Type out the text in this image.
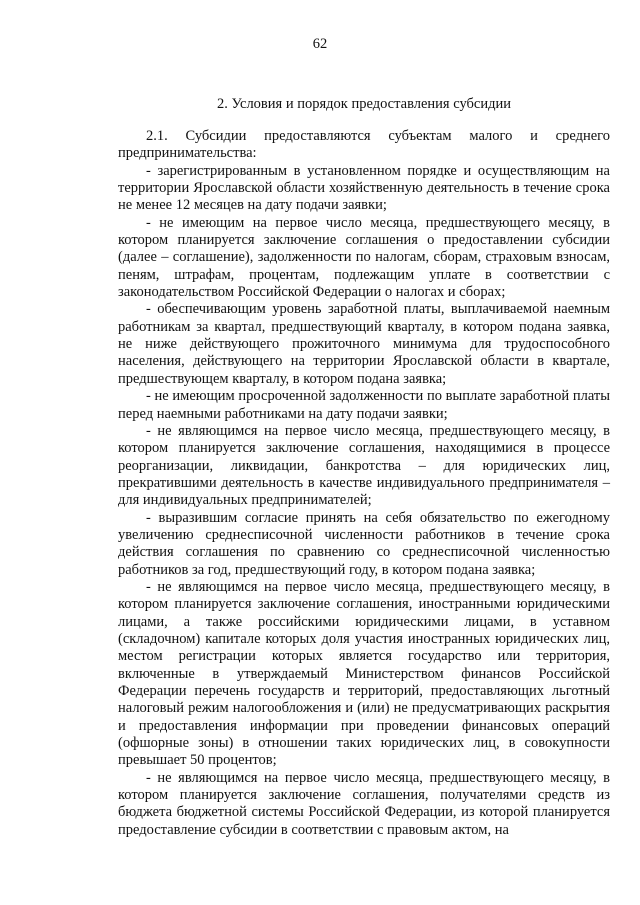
62
2. Условия и порядок предоставления субсидии

2.1. Субсидии предоставляются субъектам малого и среднего предпринимательства:

- зарегистрированным в установленном порядке и осуществляющим на территории Ярославской области хозяйственную деятельность в течение срока не менее 12 месяцев на дату подачи заявки;

- не имеющим на первое число месяца, предшествующего месяцу, в котором планируется заключение соглашения о предоставлении субсидии (далее – соглашение), задолженности по налогам, сборам, страховым взносам, пеням, штрафам, процентам, подлежащим уплате в соответствии с законодательством Российской Федерации о налогах и сборах;

- обеспечивающим уровень заработной платы, выплачиваемой наемным работникам за квартал, предшествующий кварталу, в котором подана заявка, не ниже действующего прожиточного минимума для трудоспособного населения, действующего на территории Ярославской области в квартале, предшествующем кварталу, в котором подана заявка;

- не имеющим просроченной задолженности по выплате заработной платы перед наемными работниками на дату подачи заявки;

- не являющимся на первое число месяца, предшествующего месяцу, в котором планируется заключение соглашения, находящимися в процессе реорганизации, ликвидации, банкротства – для юридических лиц, прекратившими деятельность в качестве индивидуального предпринимателя – для индивидуальных предпринимателей;

- выразившим согласие принять на себя обязательство по ежегодному увеличению среднесписочной численности работников в течение срока действия соглашения по сравнению со среднесписочной численностью работников за год, предшествующий году, в котором подана заявка;

- не являющимся на первое число месяца, предшествующего месяцу, в котором планируется заключение соглашения, иностранными юридическими лицами, а также российскими юридическими лицами, в уставном (складочном) капитале которых доля участия иностранных юридических лиц, местом регистрации которых является государство или территория, включенные в утверждаемый Министерством финансов Российской Федерации перечень государств и территорий, предоставляющих льготный налоговый режим налогообложения и (или) не предусматривающих раскрытия и предоставления информации при проведении финансовых операций (офшорные зоны) в отношении таких юридических лиц, в совокупности превышает 50 процентов;

- не являющимся на первое число месяца, предшествующего месяцу, в котором планируется заключение соглашения, получателями средств из бюджета бюджетной системы Российской Федерации, из которой планируется предоставление субсидии в соответствии с правовым актом, на
